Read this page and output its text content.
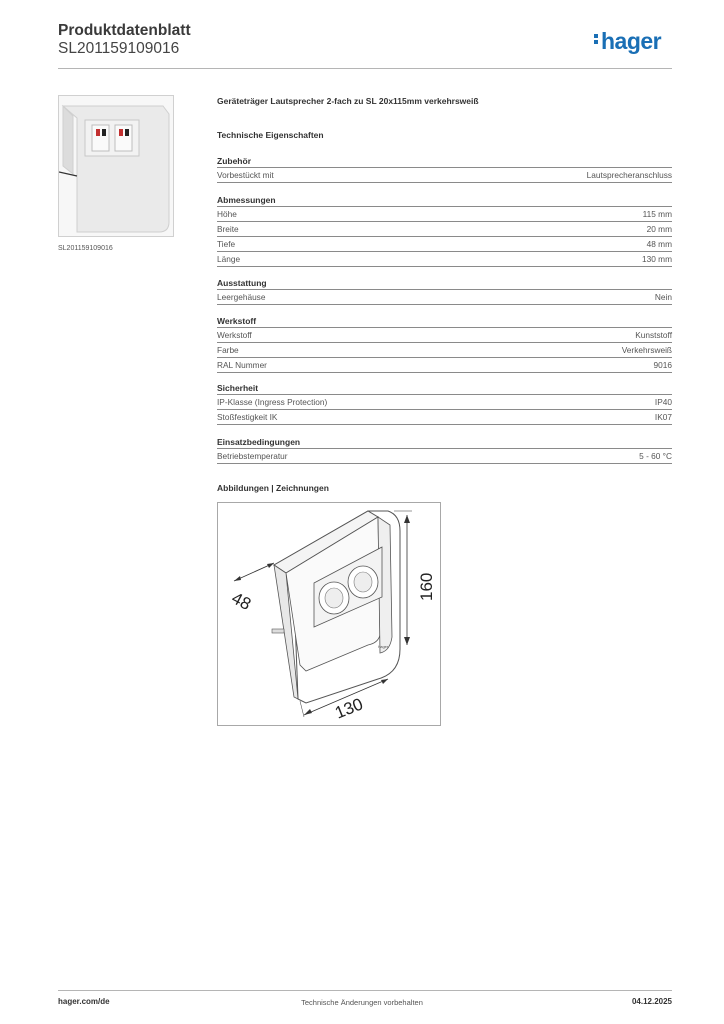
Produktdatenblatt
SL201159109016	hager
SL201159109016
Geräteträger Lautsprecher 2-fach zu SL 20x115mm verkehrsweiß
Technische Eigenschaften
Zubehör
Vorbestückt mit	Lautsprecheranschluss
Abmessungen
Höhe	115 mm
Breite	20 mm
Tiefe	48 mm
Länge	130 mm
Ausstattung
Leergehäuse	Nein
Werkstoff
Werkstoff	Kunststoff
Farbe	Verkehrsweiß
RAL Nummer	9016
Sicherheit
IP-Klasse (Ingress Protection)	IP40
Stoßfestigkeit IK	IK07
Einsatzbedingungen
Betriebstemperatur	5 - 60 °C
Abbildungen | Zeichnungen
hager
48
160
130
hager.com/de	Technische Änderungen vorbehalten	04.12.2025
